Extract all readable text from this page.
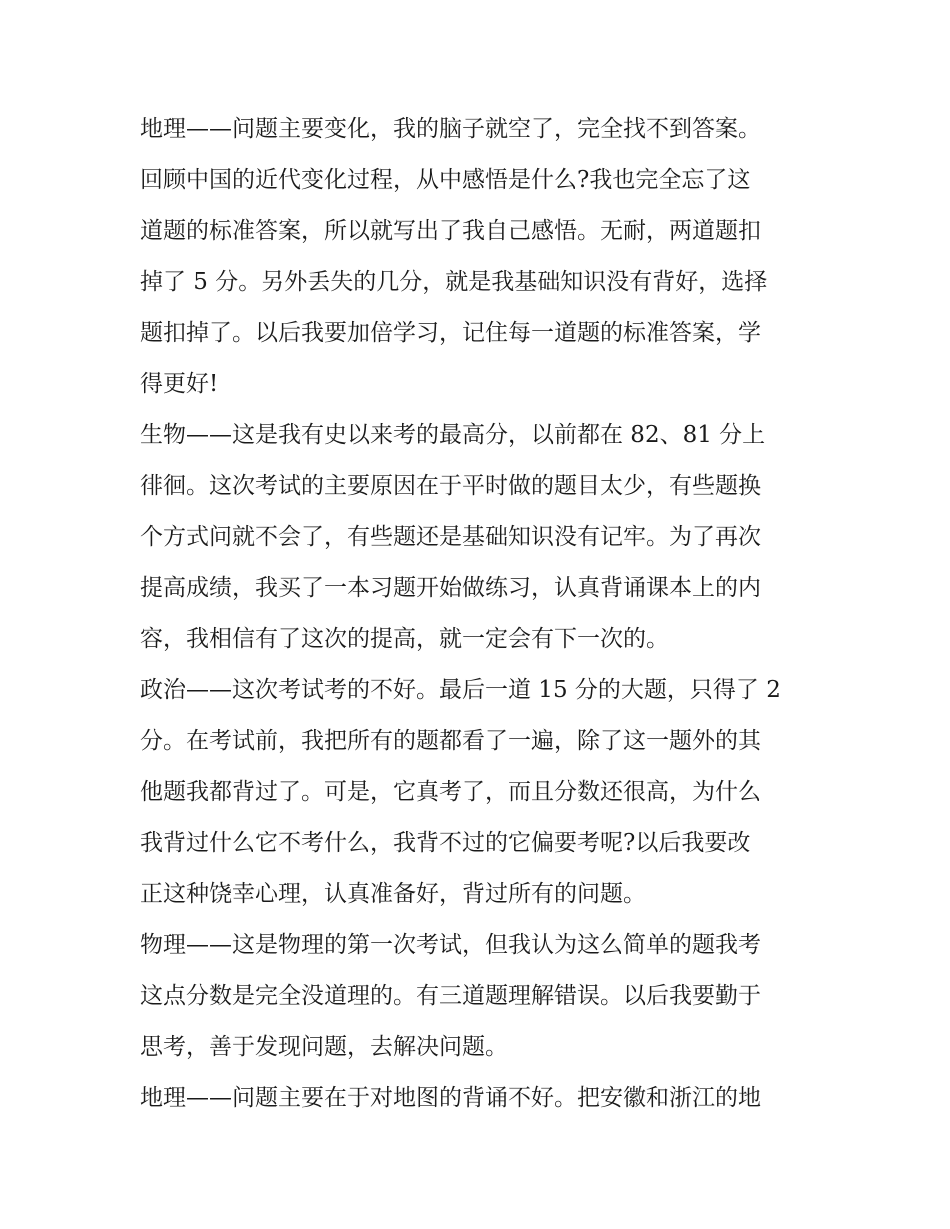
地理——问题主要变化，我的脑子就空了，完全找不到答案。
回顾中国的近代变化过程，从中感悟是什么?我也完全忘了这
道题的标准答案，所以就写出了我自己感悟。无耐，两道题扣
掉了 5 分。另外丢失的几分，就是我基础知识没有背好，选择
题扣掉了。以后我要加倍学习，记住每一道题的标准答案，学
得更好!
生物——这是我有史以来考的最高分，以前都在 82、81 分上
徘徊。这次考试的主要原因在于平时做的题目太少，有些题换
个方式问就不会了，有些题还是基础知识没有记牢。为了再次
提高成绩，我买了一本习题开始做练习，认真背诵课本上的内
容，我相信有了这次的提高，就一定会有下一次的。
政治——这次考试考的不好。最后一道 15 分的大题，只得了 2
分。在考试前，我把所有的题都看了一遍，除了这一题外的其
他题我都背过了。可是，它真考了，而且分数还很高，为什么
我背过什么它不考什么，我背不过的它偏要考呢?以后我要改
正这种饶幸心理，认真准备好，背过所有的问题。
物理——这是物理的第一次考试，但我认为这么简单的题我考
这点分数是完全没道理的。有三道题理解错误。以后我要勤于
思考，善于发现问题，去解决问题。
地理——问题主要在于对地图的背诵不好。把安徽和浙江的地
